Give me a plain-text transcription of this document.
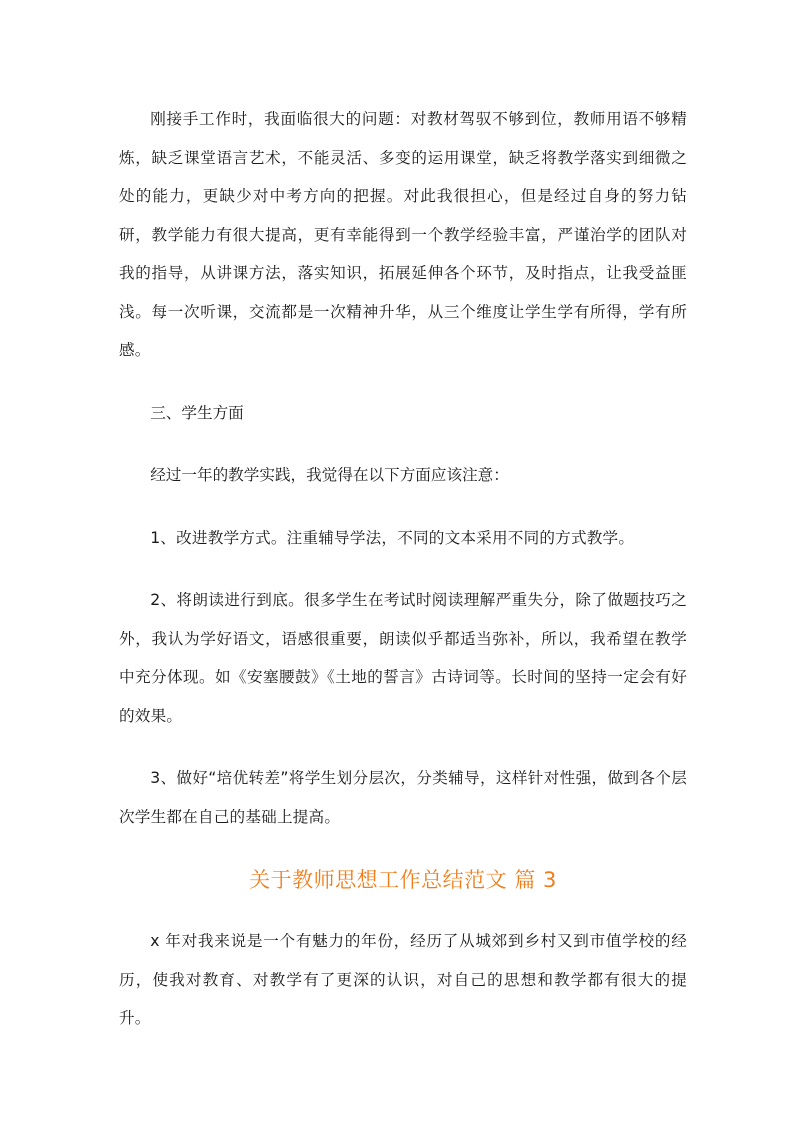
刚接手工作时，我面临很大的问题：对教材驾驭不够到位，教师用语不够精炼，缺乏课堂语言艺术，不能灵活、多变的运用课堂，缺乏将教学落实到细微之处的能力，更缺少对中考方向的把握。对此我很担心，但是经过自身的努力钻研，教学能力有很大提高，更有幸能得到一个教学经验丰富，严谨治学的团队对我的指导，从讲课方法，落实知识，拓展延伸各个环节，及时指点，让我受益匪浅。每一次听课，交流都是一次精神升华，从三个维度让学生学有所得，学有所感。

三、学生方面

经过一年的教学实践，我觉得在以下方面应该注意：

1、改进教学方式。注重辅导学法，不同的文本采用不同的方式教学。

2、将朗读进行到底。很多学生在考试时阅读理解严重失分，除了做题技巧之外，我认为学好语文，语感很重要，朗读似乎都适当弥补，所以，我希望在教学中充分体现。如《安塞腰鼓》《土地的誓言》古诗词等。长时间的坚持一定会有好的效果。

3、做好“培优转差”将学生划分层次，分类辅导，这样针对性强，做到各个层次学生都在自己的基础上提高。

关于教师思想工作总结范文 篇 3

x 年对我来说是一个有魅力的年份，经历了从城郊到乡村又到市值学校的经历，使我对教育、对教学有了更深的认识，对自己的思想和教学都有很大的提升。
